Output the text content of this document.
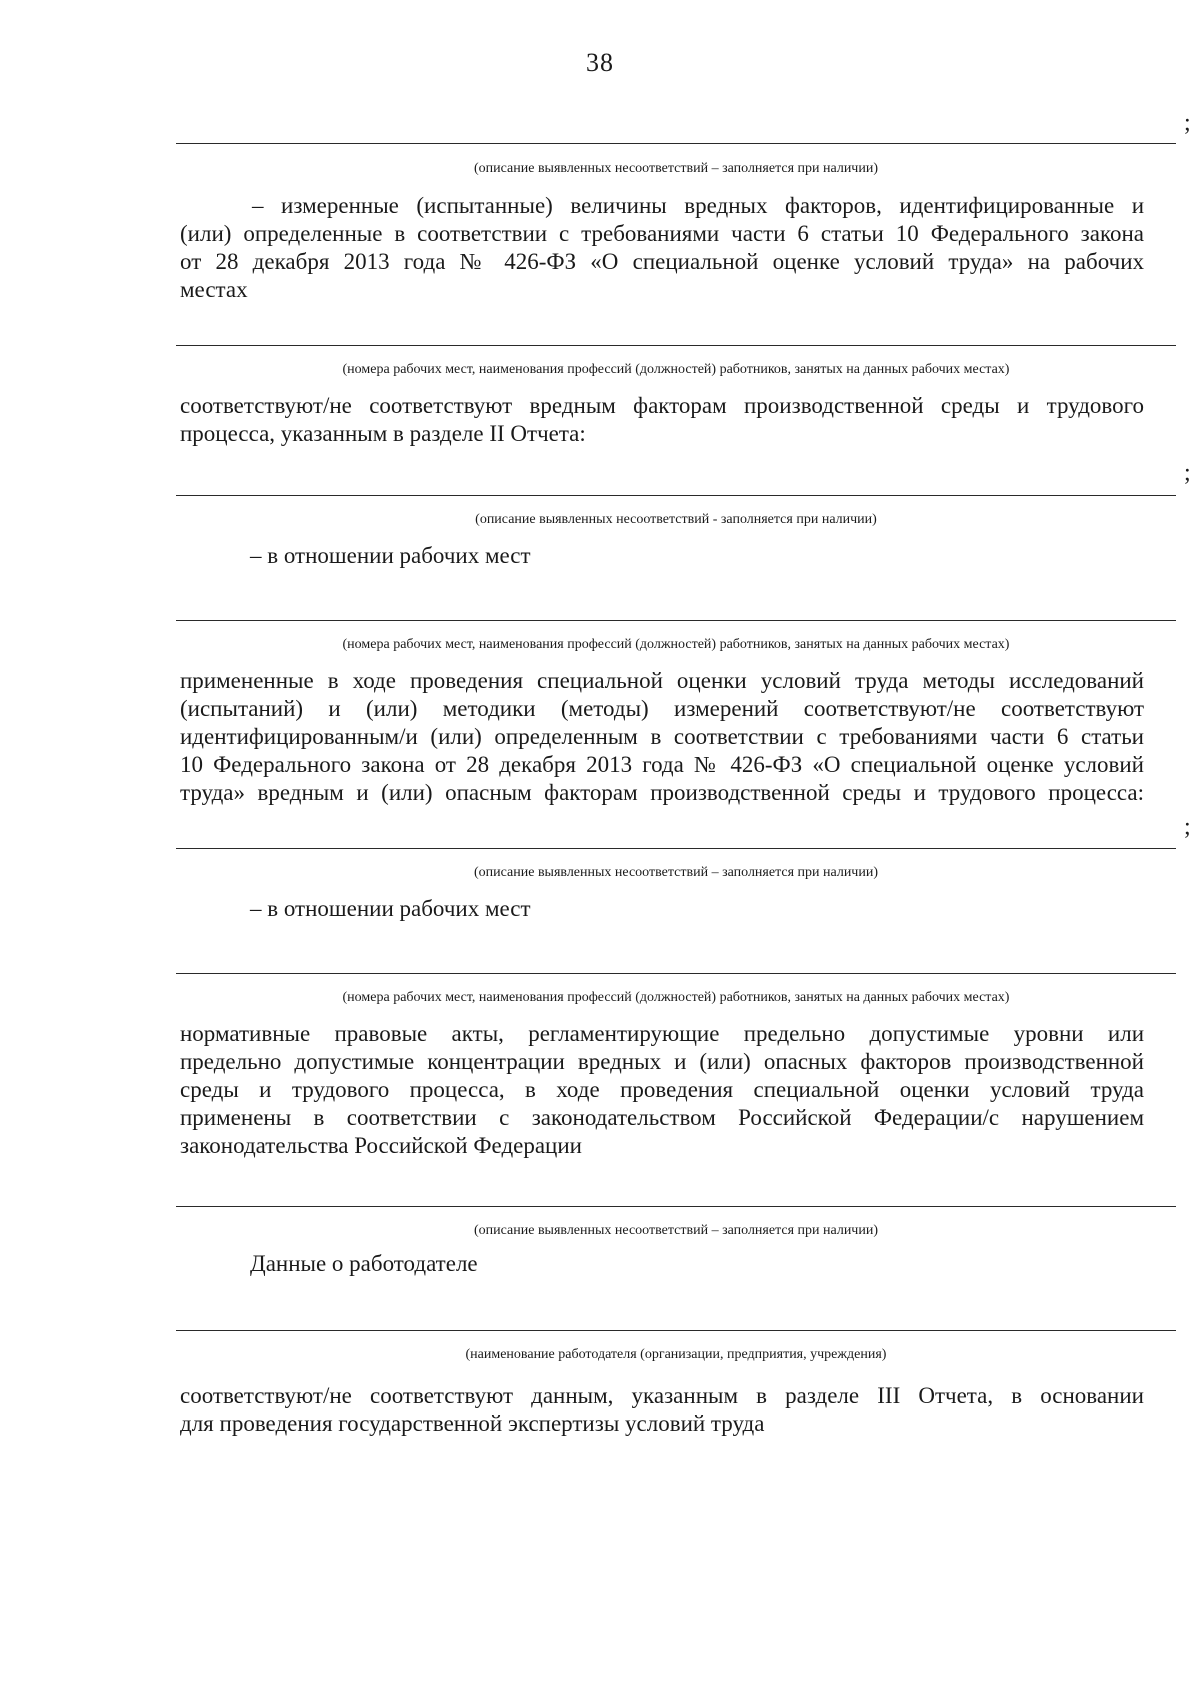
38
;
(описание выявленных несоответствий – заполняется при наличии)
– измеренные (испытанные) величины вредных факторов, идентифицированные и
(или) определенные в соответствии с требованиями части 6 статьи 10 Федерального закона
от 28 декабря 2013 года № 426-ФЗ «О специальной оценке условий труда» на рабочих
местах
(номера рабочих мест, наименования профессий (должностей) работников, занятых на данных рабочих местах)
соответствуют/не соответствуют вредным факторам производственной среды и трудового
процесса, указанным в разделе II Отчета:
;
(описание выявленных несоответствий - заполняется при наличии)
– в отношении рабочих мест
(номера рабочих мест, наименования профессий (должностей) работников, занятых на данных рабочих местах)
примененные в ходе проведения специальной оценки условий труда методы исследований
(испытаний) и (или) методики (методы) измерений соответствуют/не соответствуют
идентифицированным/и (или) определенным в соответствии с требованиями части 6 статьи
10 Федерального закона от 28 декабря 2013 года № 426-ФЗ «О специальной оценке условий
труда» вредным и (или) опасным факторам производственной среды и трудового процесса:
;
(описание выявленных несоответствий – заполняется при наличии)
– в отношении рабочих мест
(номера рабочих мест, наименования профессий (должностей) работников, занятых на данных рабочих местах)
нормативные правовые акты, регламентирующие предельно допустимые уровни или
предельно допустимые концентрации вредных и (или) опасных факторов производственной
среды и трудового процесса, в ходе проведения специальной оценки условий труда
применены в соответствии с законодательством Российской Федерации/с нарушением
законодательства Российской Федерации
(описание выявленных несоответствий – заполняется при наличии)
Данные о работодателе
(наименование работодателя (организации, предприятия, учреждения)
соответствуют/не соответствуют данным, указанным в разделе III Отчета, в основании
для проведения государственной экспертизы условий труда
